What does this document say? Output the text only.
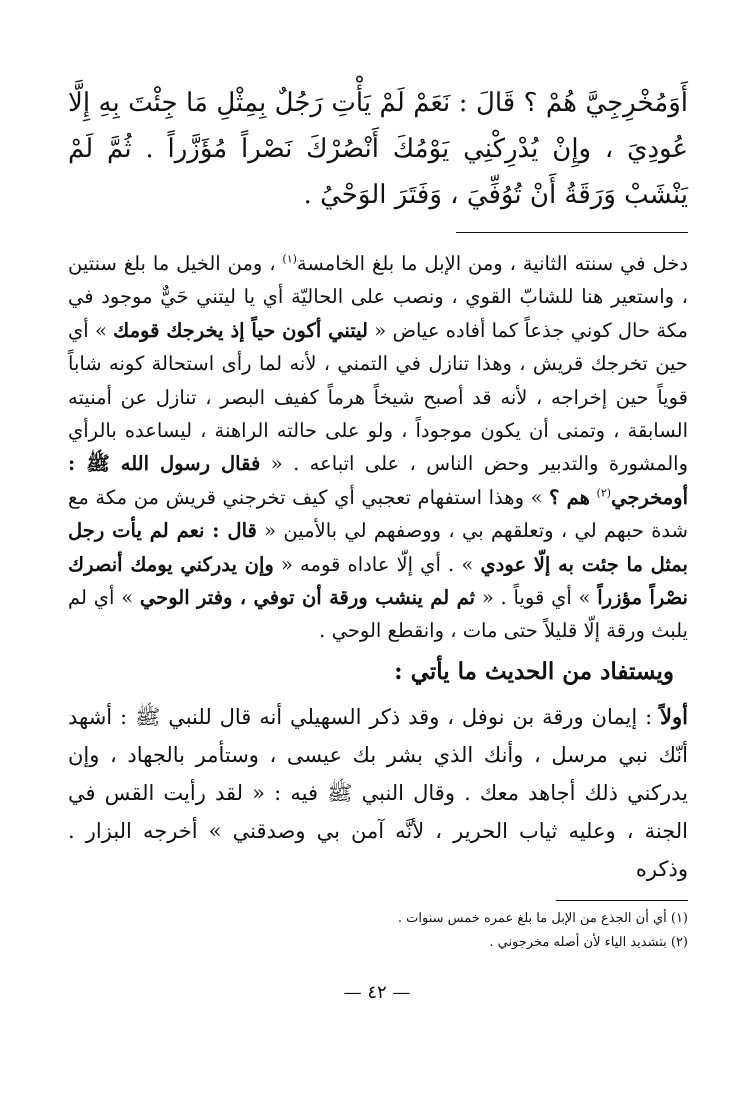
أَوَمُخْرِجِيَّ هُمْ ؟ قَالَ : نَعَمْ لَمْ يَأْتِ رَجُلٌ بِمِثْلِ مَا جِئْتَ بِهِ إِلَّا عُودِيَ ، وإِنْ يُدْرِكْنِي يَوْمُكَ أَنْصُرْكَ نَصْراً مُؤَزَّراً . ثُمَّ لَمْ يَنْشَبْ وَرَقَةُ أَنْ تُوُفِّيَ ، وَفَتَرَ الوَحْيُ .

دخل في سنته الثانية ، ومن الإبل ما بلغ الخامسة$^{(١)}$ ، ومن الخيل ما بلغ سنتين ، واستعير هنا للشابّ القوي ، ونصب على الحاليّة أي يا ليتني حَيٌّ موجود في مكة حال كوني جذعاً كما أفاده عياض « ليتني أكون حياً إذ يخرجك قومك » أي حين تخرجك قريش ، وهذا تنازل في التمني ، لأنه لما رأى استحالة كونه شاباً قوياً حين إخراجه ، لأنه قد أصبح شيخاً هرماً كفيف البصر ، تنازل عن أمنيته السابقة ، وتمنى أن يكون موجوداً ، ولو على حالته الراهنة ، ليساعده بالرأي والمشورة والتدبير وحض الناس ، على اتباعه . « فقال رسول الله ﷺ : أومخرجي$^{(٢)}$ هم ؟ » وهذا استفهام تعجبي أي كيف تخرجني قريش من مكة مع شدة حبهم لي ، وتعلقهم بي ، ووصفهم لي بالأمين « قال : نعم لم يأت رجل بمثل ما جئت به إلّا عودي » . أي إلّا عاداه قومه « وإن يدركني يومك أنصرك نصْراً مؤزراً » أي قوياً . « ثم لم ينشب ورقة أن توفي ، وفتر الوحي » أي لم يلبث ورقة إلّا قليلاً حتى مات ، وانقطع الوحي .

ويستفاد من الحديث ما يأتي :

أولاً : إيمان ورقة بن نوفل ، وقد ذكر السهيلي أنه قال للنبي ﷺ : أشهد أنّك نبي مرسل ، وأنك الذي بشر بك عيسى ، وستأمر بالجهاد ، وإن يدركني ذلك أجاهد معك . وقال النبي ﷺ فيه : « لقد رأيت القس في الجنة ، وعليه ثياب الحرير ، لأنَّه آمن بي وصدقني » أخرجه البزار . وذكره

(١) أي أن الجذع من الإبل ما بلغ عمره خمس سنوات .

(٢) بتشديد الياء لأن أصله مخرجوني .

— ٤٢ —
